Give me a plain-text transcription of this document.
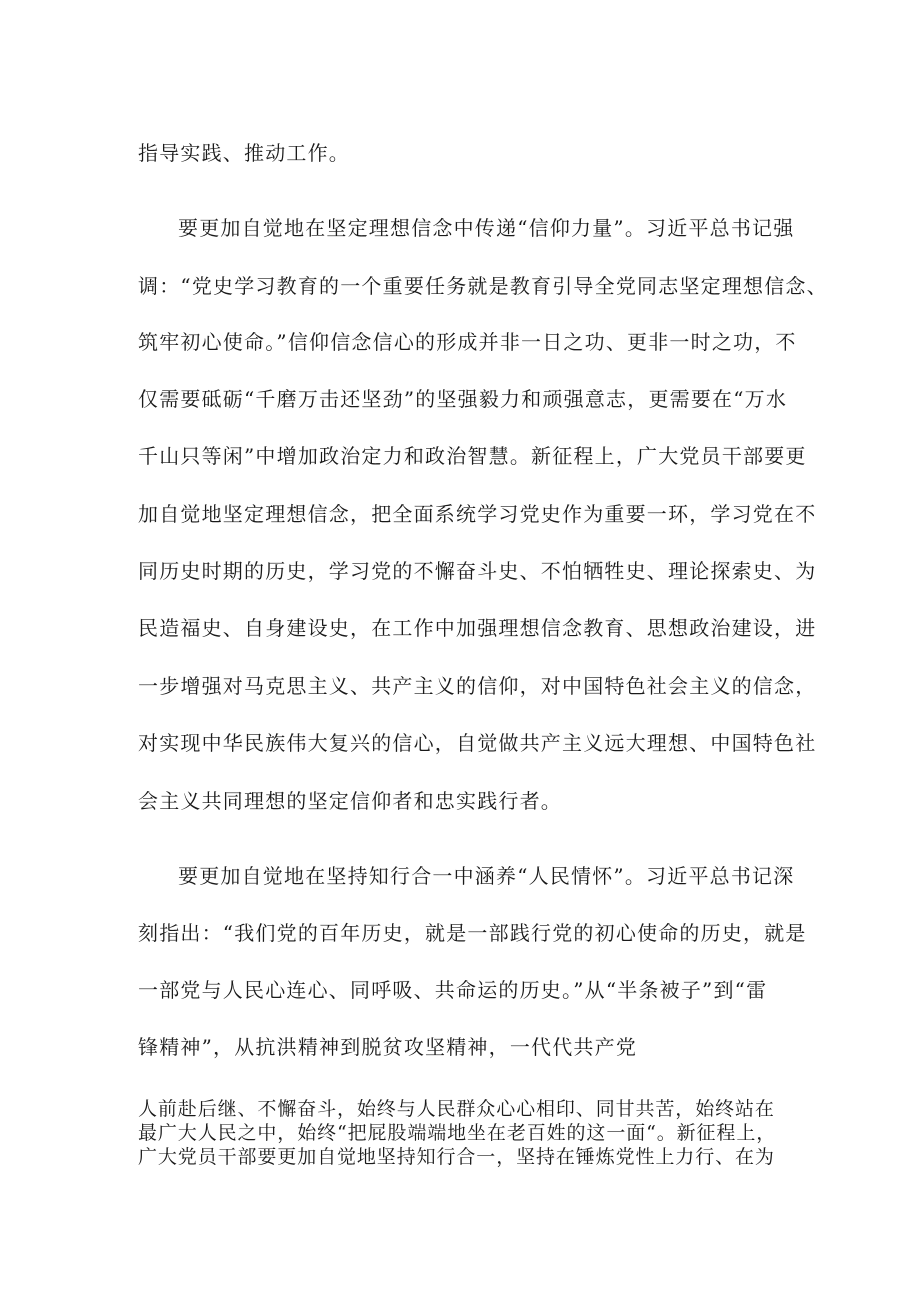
指导实践、推动工作。
要更加自觉地在坚定理想信念中传递“信仰力量”。习近平总书记强
调：“党史学习教育的一个重要任务就是教育引导全党同志坚定理想信念、
筑牢初心使命。”信仰信念信心的形成并非一日之功、更非一时之功，不
仅需要砥砺“千磨万击还坚劲”的坚强毅力和顽强意志，更需要在“万水
千山只等闲”中增加政治定力和政治智慧。新征程上，广大党员干部要更
加自觉地坚定理想信念，把全面系统学习党史作为重要一环，学习党在不
同历史时期的历史，学习党的不懈奋斗史、不怕牺牲史、理论探索史、为
民造福史、自身建设史，在工作中加强理想信念教育、思想政治建设，进
一步增强对马克思主义、共产主义的信仰，对中国特色社会主义的信念，
对实现中华民族伟大复兴的信心，自觉做共产主义远大理想、中国特色社
会主义共同理想的坚定信仰者和忠实践行者。
要更加自觉地在坚持知行合一中涵养“人民情怀”。习近平总书记深
刻指出：“我们党的百年历史，就是一部践行党的初心使命的历史，就是
一部党与人民心连心、同呼吸、共命运的历史。”从“半条被子”到“雷
锋精神”，从抗洪精神到脱贫攻坚精神，一代代共产党
人前赴后继、不懈奋斗，始终与人民群众心心相印、同甘共苦，始终站在
最广大人民之中，始终“把屁股端端地坐在老百姓的这一面“。新征程上，
广大党员干部要更加自觉地坚持知行合一，坚持在锤炼党性上力行、在为
